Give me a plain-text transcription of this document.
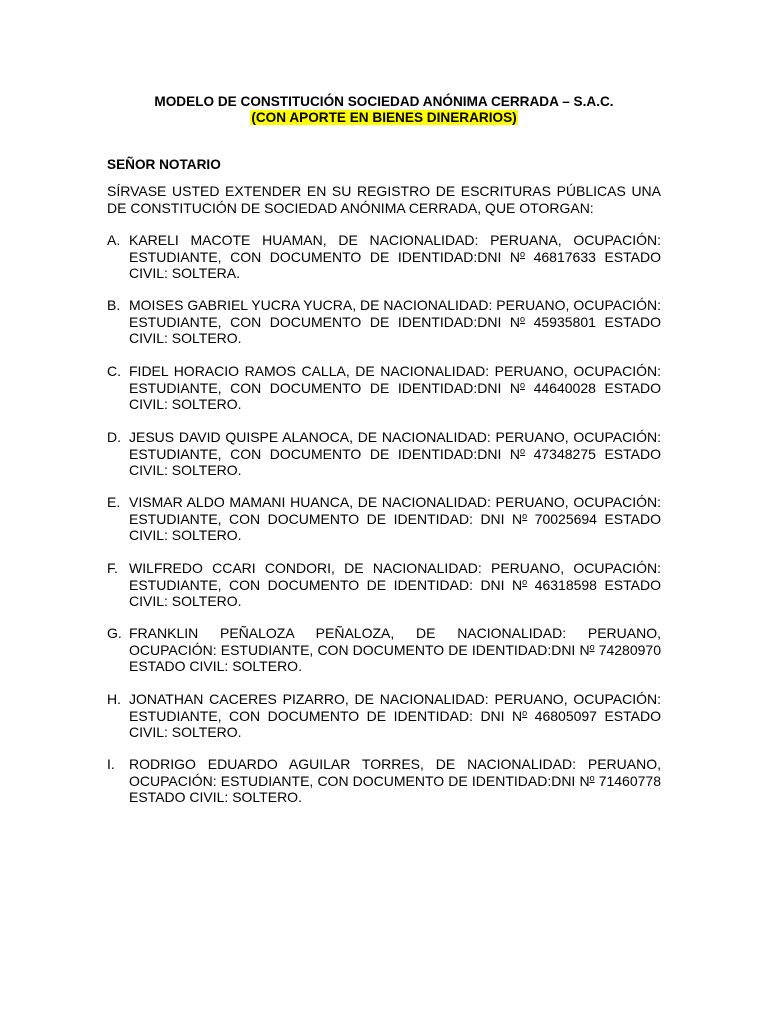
MODELO DE CONSTITUCIÓN SOCIEDAD ANÓNIMA CERRADA – S.A.C.
(CON APORTE EN BIENES DINERARIOS)
SEÑOR NOTARIO
SÍRVASE USTED EXTENDER EN SU REGISTRO DE ESCRITURAS PÚBLICAS UNA DE CONSTITUCIÓN DE SOCIEDAD ANÓNIMA CERRADA, QUE OTORGAN:
A. KARELI MACOTE HUAMAN, DE NACIONALIDAD: PERUANA, OCUPACIÓN: ESTUDIANTE, CON DOCUMENTO DE IDENTIDAD:DNI $N^o$ 46817633 ESTADO CIVIL: SOLTERA.
B. MOISES GABRIEL YUCRA YUCRA, DE NACIONALIDAD: PERUANO, OCUPACIÓN: ESTUDIANTE, CON DOCUMENTO DE IDENTIDAD:DNI $N^o$ 45935801 ESTADO CIVIL: SOLTERO.
C. FIDEL HORACIO RAMOS CALLA, DE NACIONALIDAD: PERUANO, OCUPACIÓN: ESTUDIANTE, CON DOCUMENTO DE IDENTIDAD:DNI $N^o$ 44640028 ESTADO CIVIL: SOLTERO.
D. JESUS DAVID QUISPE ALANOCA, DE NACIONALIDAD: PERUANO, OCUPACIÓN: ESTUDIANTE, CON DOCUMENTO DE IDENTIDAD:DNI $N^o$ 47348275 ESTADO CIVIL: SOLTERO.
E. VISMAR ALDO MAMANI HUANCA, DE NACIONALIDAD: PERUANO, OCUPACIÓN: ESTUDIANTE, CON DOCUMENTO DE IDENTIDAD: DNI $N^o$ 70025694 ESTADO CIVIL: SOLTERO.
F. WILFREDO CCARI CONDORI, DE NACIONALIDAD: PERUANO, OCUPACIÓN: ESTUDIANTE, CON DOCUMENTO DE IDENTIDAD: DNI $N^o$ 46318598 ESTADO CIVIL: SOLTERO.
G. FRANKLIN PEÑALOZA PEÑALOZA, DE NACIONALIDAD: PERUANO, OCUPACIÓN: ESTUDIANTE, CON DOCUMENTO DE IDENTIDAD:DNI $N^o$ 74280970 ESTADO CIVIL: SOLTERO.
H. JONATHAN CACERES PIZARRO, DE NACIONALIDAD: PERUANO, OCUPACIÓN: ESTUDIANTE, CON DOCUMENTO DE IDENTIDAD: DNI $N^o$ 46805097 ESTADO CIVIL: SOLTERO.
I. RODRIGO EDUARDO AGUILAR TORRES, DE NACIONALIDAD: PERUANO, OCUPACIÓN: ESTUDIANTE, CON DOCUMENTO DE IDENTIDAD:DNI $N^o$ 71460778 ESTADO CIVIL: SOLTERO.
